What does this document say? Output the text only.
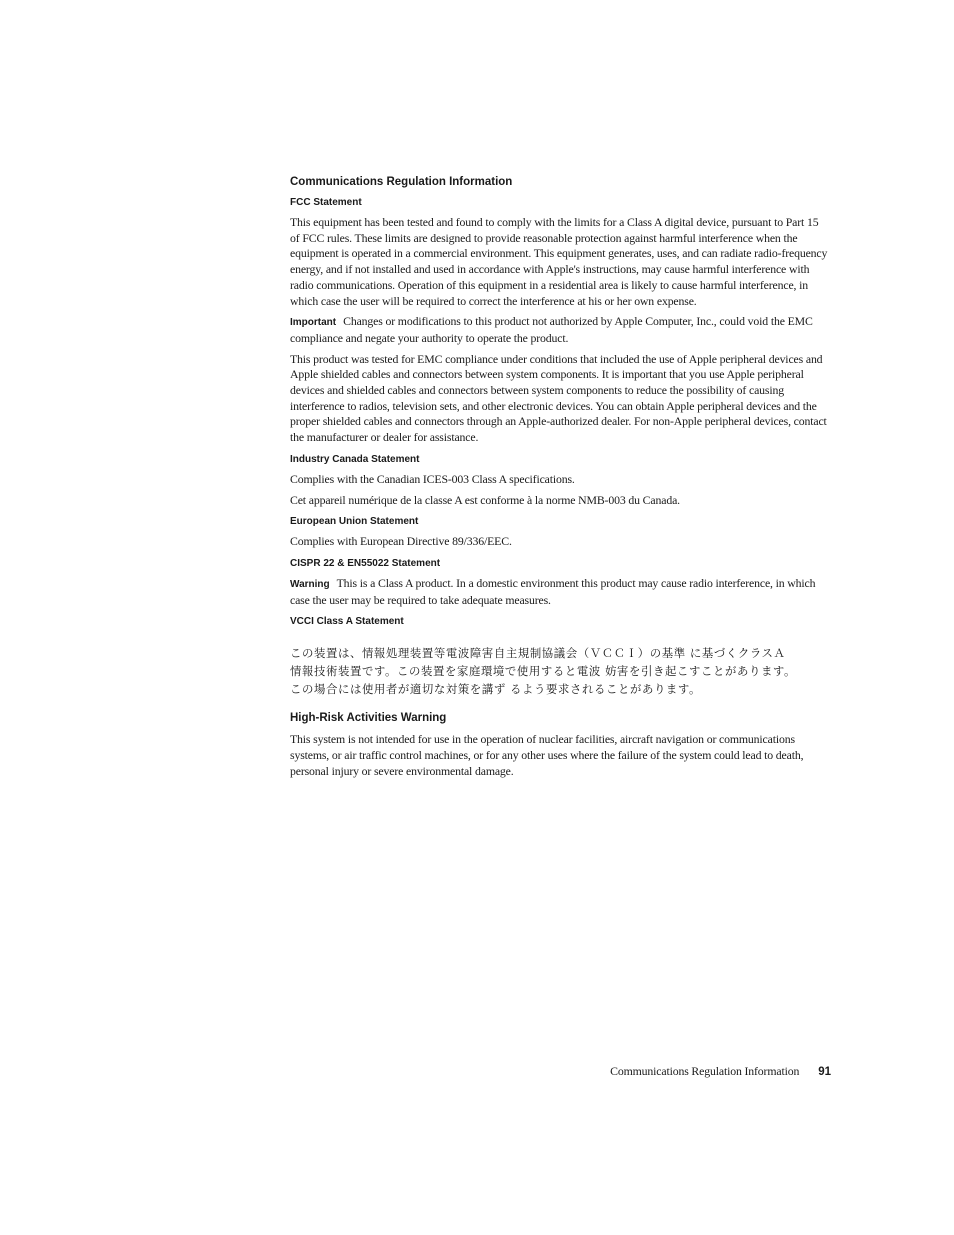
Communications Regulation Information
FCC Statement
This equipment has been tested and found to comply with the limits for a Class A digital device, pursuant to Part 15 of FCC rules. These limits are designed to provide reasonable protection against harmful interference when the equipment is operated in a commercial environment. This equipment generates, uses, and can radiate radio-frequency energy, and if not installed and used in accordance with Apple's instructions, may cause harmful interference with radio communications. Operation of this equipment in a residential area is likely to cause harmful interference, in which case the user will be required to correct the interference at his or her own expense.
Important Changes or modifications to this product not authorized by Apple Computer, Inc., could void the EMC compliance and negate your authority to operate the product.
This product was tested for EMC compliance under conditions that included the use of Apple peripheral devices and Apple shielded cables and connectors between system components. It is important that you use Apple peripheral devices and shielded cables and connectors between system components to reduce the possibility of causing interference to radios, television sets, and other electronic devices. You can obtain Apple peripheral devices and the proper shielded cables and connectors through an Apple-authorized dealer. For non-Apple peripheral devices, contact the manufacturer or dealer for assistance.
Industry Canada Statement
Complies with the Canadian ICES-003 Class A specifications.
Cet appareil numérique de la classe A est conforme à la norme NMB-003 du Canada.
European Union Statement
Complies with European Directive 89/336/EEC.
CISPR 22 & EN55022 Statement
Warning This is a Class A product. In a domestic environment this product may cause radio interference, in which case the user may be required to take adequate measures.
VCCI Class A Statement
この装置は、情報処理装置等電波障害自主規制協議会（ＶＣＣＩ）の基準 に基づくクラスＡ
情報技術装置です。この装置を家庭環境で使用すると電波 妨害を引き起こすことがあります。
この場合には使用者が適切な対策を講ず るよう要求されることがあります。
High-Risk Activities Warning
This system is not intended for use in the operation of nuclear facilities, aircraft navigation or communications systems, or air traffic control machines, or for any other uses where the failure of the system could lead to death, personal injury or severe environmental damage.
Communications Regulation Information 91
